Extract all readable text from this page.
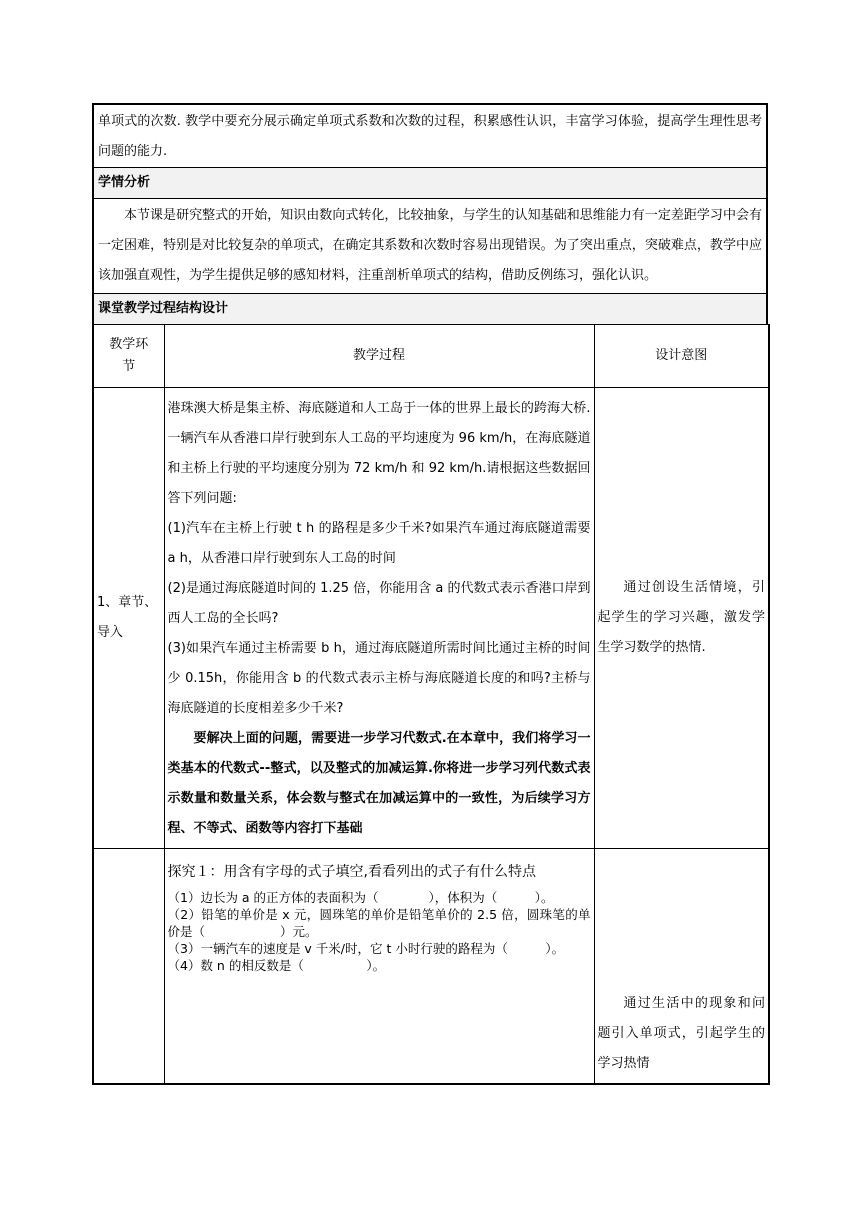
单项式的次数. 教学中要充分展示确定单项式系数和次数的过程，积累感性认识，丰富学习体验，提高学生理性思考问题的能力.
学情分析
本节课是研究整式的开始，知识由数向式转化，比较抽象，与学生的认知基础和思维能力有一定差距学习中会有一定困难，特别是对比较复杂的单项式，在确定其系数和次数时容易出现错误。为了突出重点，突破难点，教学中应该加强直观性，为学生提供足够的感知材料，注重剖析单项式的结构，借助反例练习，强化认识。
课堂教学过程结构设计
教学环节	教学过程	设计意图
1、章节、导入	港珠澳大桥是集主桥、海底隧道和人工岛于一体的世界上最长的跨海大桥.一辆汽车从香港口岸行驶到东人工岛的平均速度为 96 km/h，在海底隧道和主桥上行驶的平均速度分别为 72 km/h 和 92 km/h.请根据这些数据回答下列问题:
(1)汽车在主桥上行驶 t h 的路程是多少千米?如果汽车通过海底隧道需要 a h，从香港口岸行驶到东人工岛的时间
(2)是通过海底隧道时间的 1.25 倍，你能用含 a 的代数式表示香港口岸到西人工岛的全长吗?
(3)如果汽车通过主桥需要 b h，通过海底隧道所需时间比通过主桥的时间少 0.15h，你能用含 b 的代数式表示主桥与海底隧道长度的和吗?主桥与海底隧道的长度相差多少千米?
要解决上面的问题，需要进一步学习代数式.在本章中，我们将学习一类基本的代数式--整式，以及整式的加减运算.你将进一步学习列代数式表示数量和数量关系，体会数与整式在加减运算中的一致性，为后续学习方程、不等式、函数等内容打下基础	通过创设生活情境，引起学生的学习兴趣，激发学生学习数学的热情.

	探究１：用含有字母的式子填空,看看列出的式子有什么特点
（1）边长为 a 的正方体的表面积为（　　　　），体积为（　　　）。
（2）铅笔的单价是 x 元，圆珠笔的单价是铅笔单价的 2.5 倍，圆珠笔的单价是（　　　　　　）元。
（3）一辆汽车的速度是 v 千米/时，它 t 小时行驶的路程为（　　　）。
（4）数 n 的相反数是（　　　　　）。	通过生活中的现象和问题引入单项式，引起学生的学习热情
